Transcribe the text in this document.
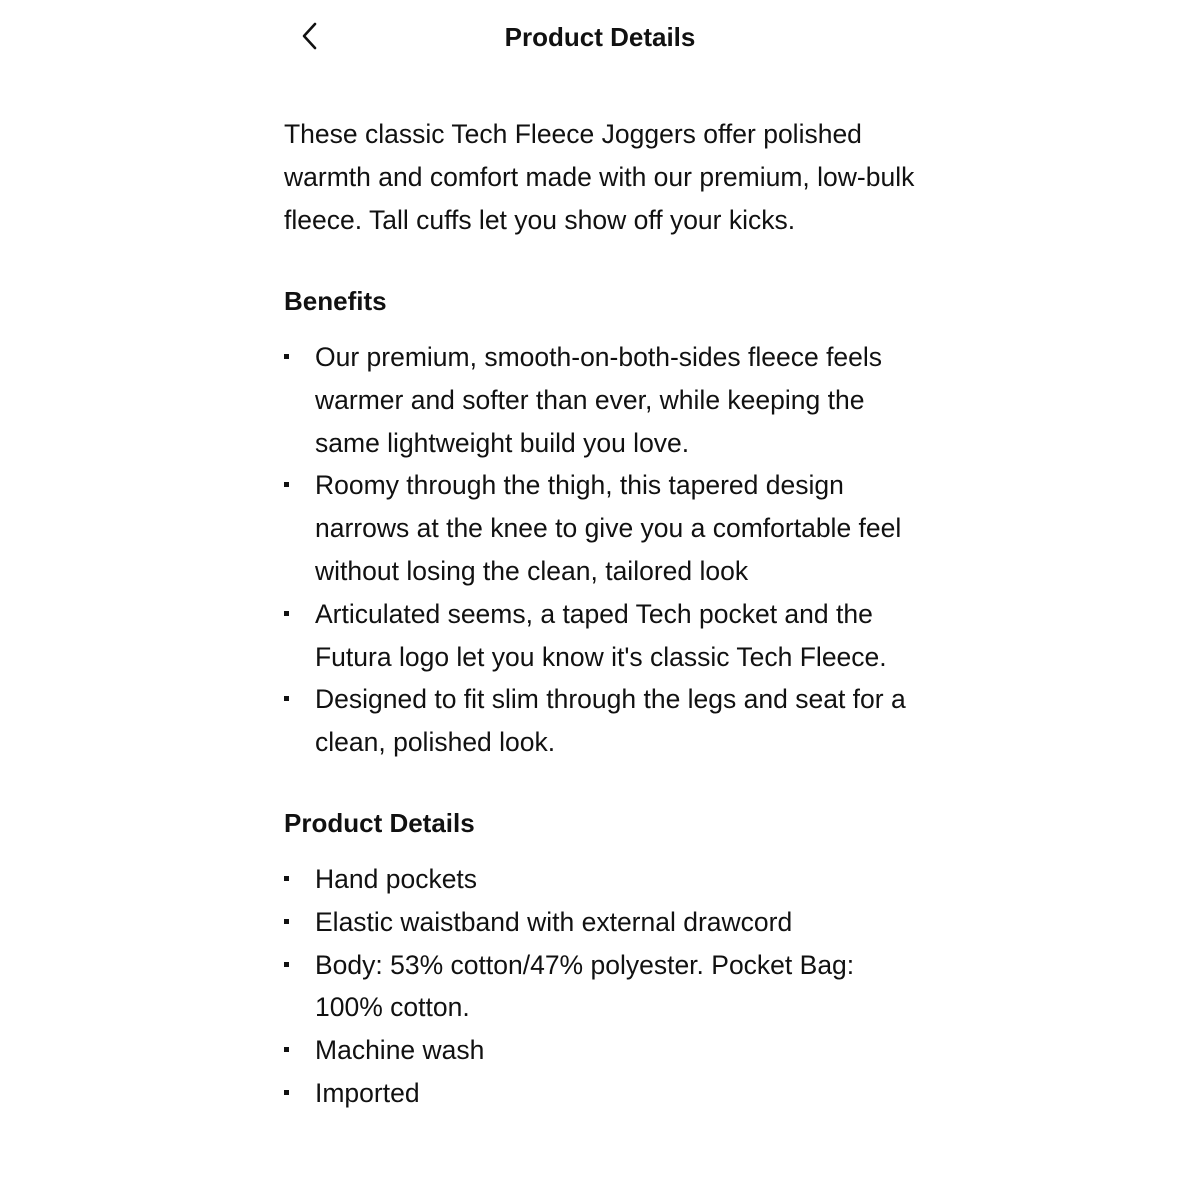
Product Details

These classic Tech Fleece Joggers offer polished warmth and comfort made with our premium, low-bulk fleece. Tall cuffs let you show off your kicks.

Benefits
Our premium, smooth-on-both-sides fleece feels warmer and softer than ever, while keeping the same lightweight build you love.
Roomy through the thigh, this tapered design narrows at the knee to give you a comfortable feel without losing the clean, tailored look
Articulated seems, a taped Tech pocket and the Futura logo let you know it's classic Tech Fleece.
Designed to fit slim through the legs and seat for a clean, polished look.
Product Details
Hand pockets
Elastic waistband with external drawcord
Body: 53% cotton/47% polyester. Pocket Bag: 100% cotton.
Machine wash
Imported
